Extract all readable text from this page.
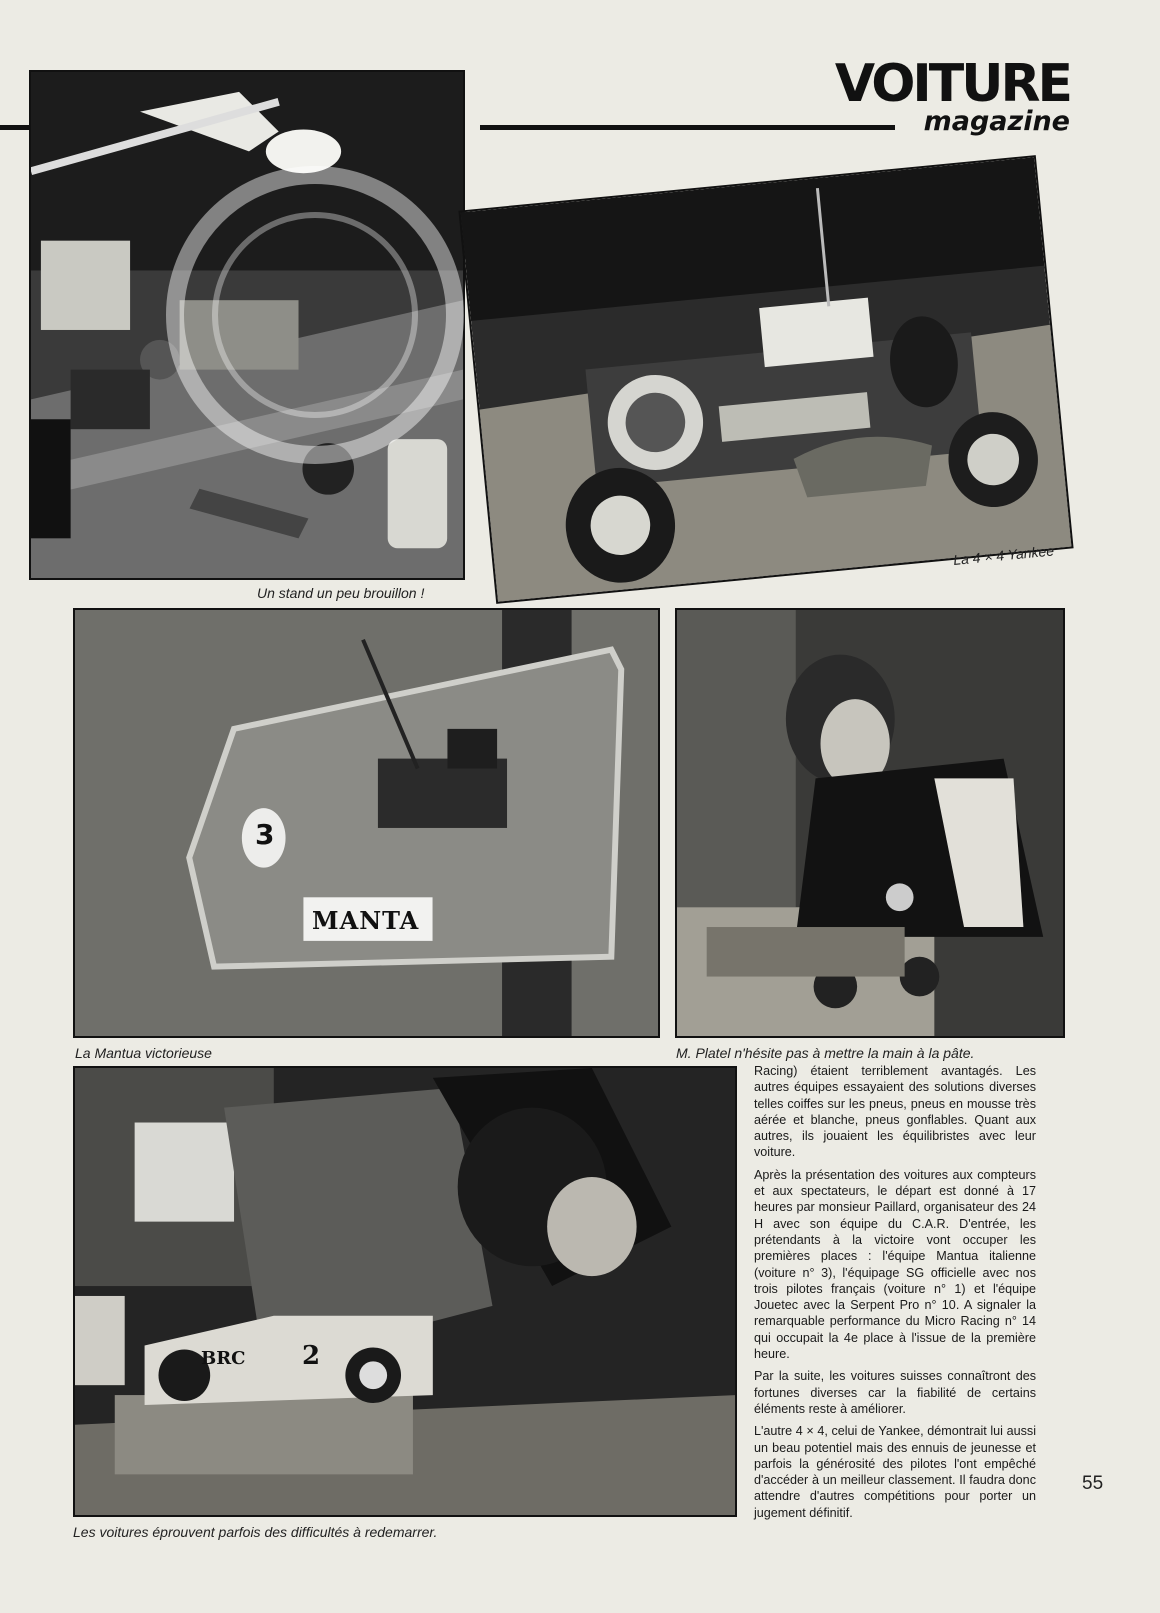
VOITURE
magazine
Un stand un peu brouillon !
La 4 × 4 Yankee
3
MANTA
La Mantua victorieuse	M. Platel n'hésite pas à mettre la main à la pâte.
BRC 2
Les voitures éprouvent parfois des difficultés à redemarrer.

Racing) étaient terriblement avantagés. Les autres équipes essayaient des solutions diverses telles coiffes sur les pneus, pneus en mousse très aérée et blanche, pneus gonflables. Quant aux autres, ils jouaient les équilibristes avec leur voiture.

Après la présentation des voitures aux compteurs et aux spectateurs, le départ est donné à 17 heures par monsieur Paillard, organisateur des 24 H avec son équipe du C.A.R. D'entrée, les prétendants à la victoire vont occuper les premières places : l'équipe Mantua italienne (voiture n° 3), l'équipage SG officielle avec nos trois pilotes français (voiture n° 1) et l'équipe Jouetec avec la Serpent Pro n° 10. A signaler la remarquable performance du Micro Racing n° 14 qui occupait la 4e place à l'issue de la première heure.

Par la suite, les voitures suisses connaîtront des fortunes diverses car la fiabilité de certains éléments reste à améliorer.

L'autre 4 × 4, celui de Yankee, démontrait lui aussi un beau potentiel mais des ennuis de jeunesse et parfois la générosité des pilotes l'ont empêché d'accéder à un meilleur classement. Il faudra donc attendre d'autres compétitions pour porter un jugement définitif.

55
